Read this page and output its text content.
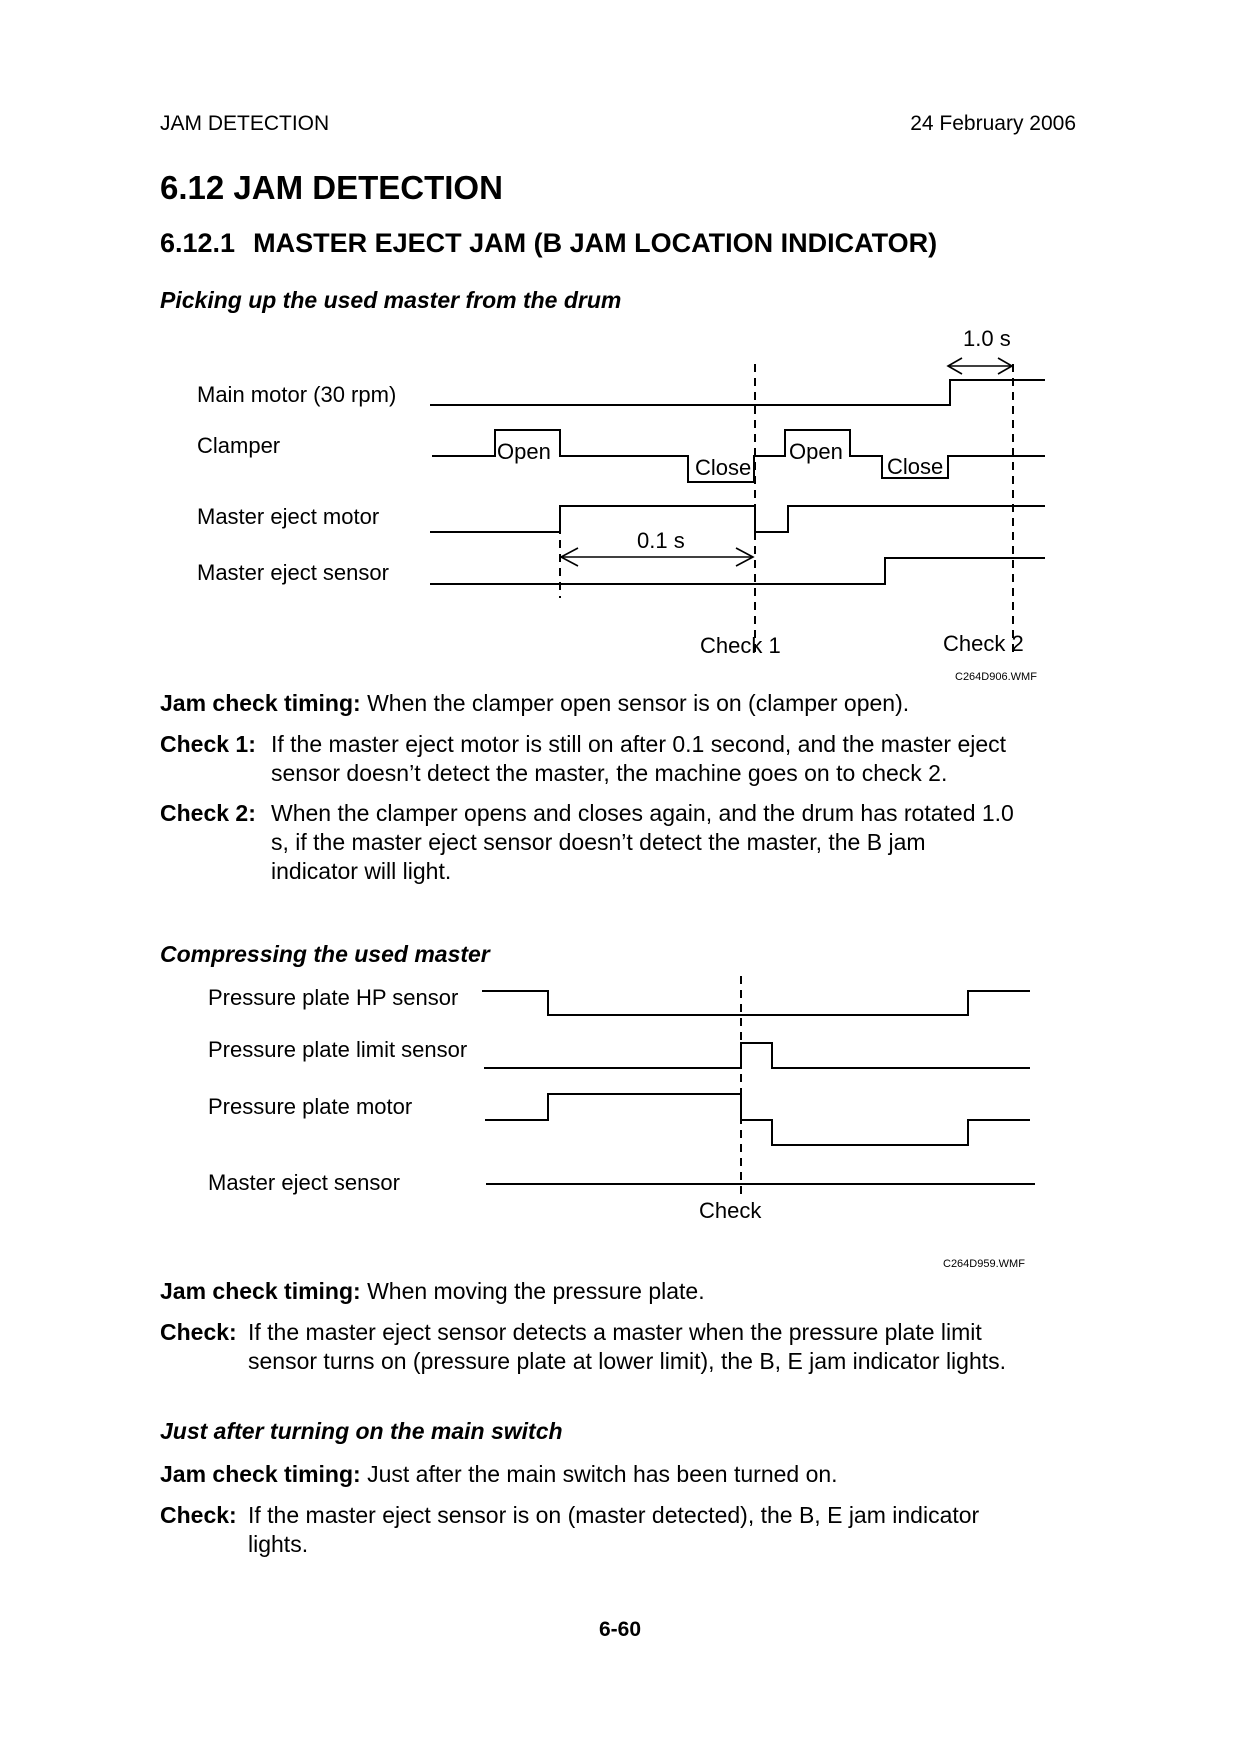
JAM DETECTION	24 February 2006
6.12 JAM DETECTION
6.12.1 MASTER EJECT JAM (B JAM LOCATION INDICATOR)
Picking up the used master from the drum
Main motor (30 rpm)
Clamper
Master eject motor
Master eject sensor
Open
Close
Open
Close
0.1 s
1.0 s
Check 1	Check 2
C264D906.WMF
Jam check timing: When the clamper open sensor is on (clamper open).
Check 1: If the master eject motor is still on after 0.1 second, and the master eject
sensor doesn’t detect the master, the machine goes on to check 2.
Check 2: When the clamper opens and closes again, and the drum has rotated 1.0
s, if the master eject sensor doesn’t detect the master, the B jam
indicator will light.
Compressing the used master
Pressure plate HP sensor
Pressure plate limit sensor
Pressure plate motor
Master eject sensor
Check
C264D959.WMF
Jam check timing: When moving the pressure plate.
Check: If the master eject sensor detects a master when the pressure plate limit
sensor turns on (pressure plate at lower limit), the B, E jam indicator lights.
Just after turning on the main switch
Jam check timing: Just after the main switch has been turned on.
Check: If the master eject sensor is on (master detected), the B, E jam indicator
lights.
6-60
